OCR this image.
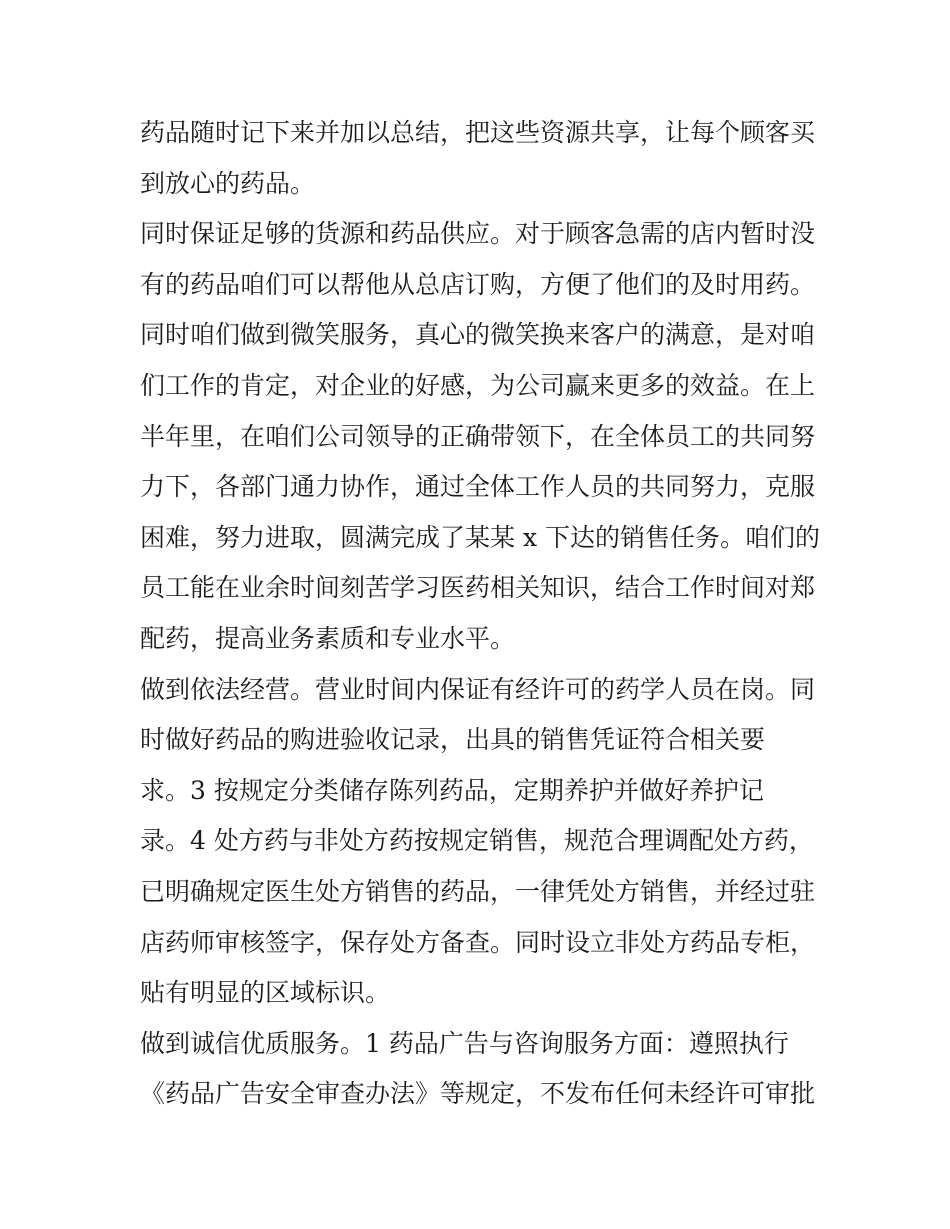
药品随时记下来并加以总结，把这些资源共享，让每个顾客买
到放心的药品。
同时保证足够的货源和药品供应。对于顾客急需的店内暂时没
有的药品咱们可以帮他从总店订购，方便了他们的及时用药。
同时咱们做到微笑服务，真心的微笑换来客户的满意，是对咱
们工作的肯定，对企业的好感，为公司赢来更多的效益。在上
半年里，在咱们公司领导的正确带领下，在全体员工的共同努
力下，各部门通力协作，通过全体工作人员的共同努力，克服
困难，努力进取，圆满完成了某某 x 下达的销售任务。咱们的
员工能在业余时间刻苦学习医药相关知识，结合工作时间对郑
配药，提高业务素质和专业水平。
做到依法经营。营业时间内保证有经许可的药学人员在岗。同
时做好药品的购进验收记录，出具的销售凭证符合相关要
求。3 按规定分类储存陈列药品，定期养护并做好养护记
录。4 处方药与非处方药按规定销售，规范合理调配处方药，
已明确规定医生处方销售的药品，一律凭处方销售，并经过驻
店药师审核签字，保存处方备查。同时设立非处方药品专柜，
贴有明显的区域标识。
做到诚信优质服务。1 药品广告与咨询服务方面：遵照执行
《药品广告安全审查办法》等规定，不发布任何未经许可审批
